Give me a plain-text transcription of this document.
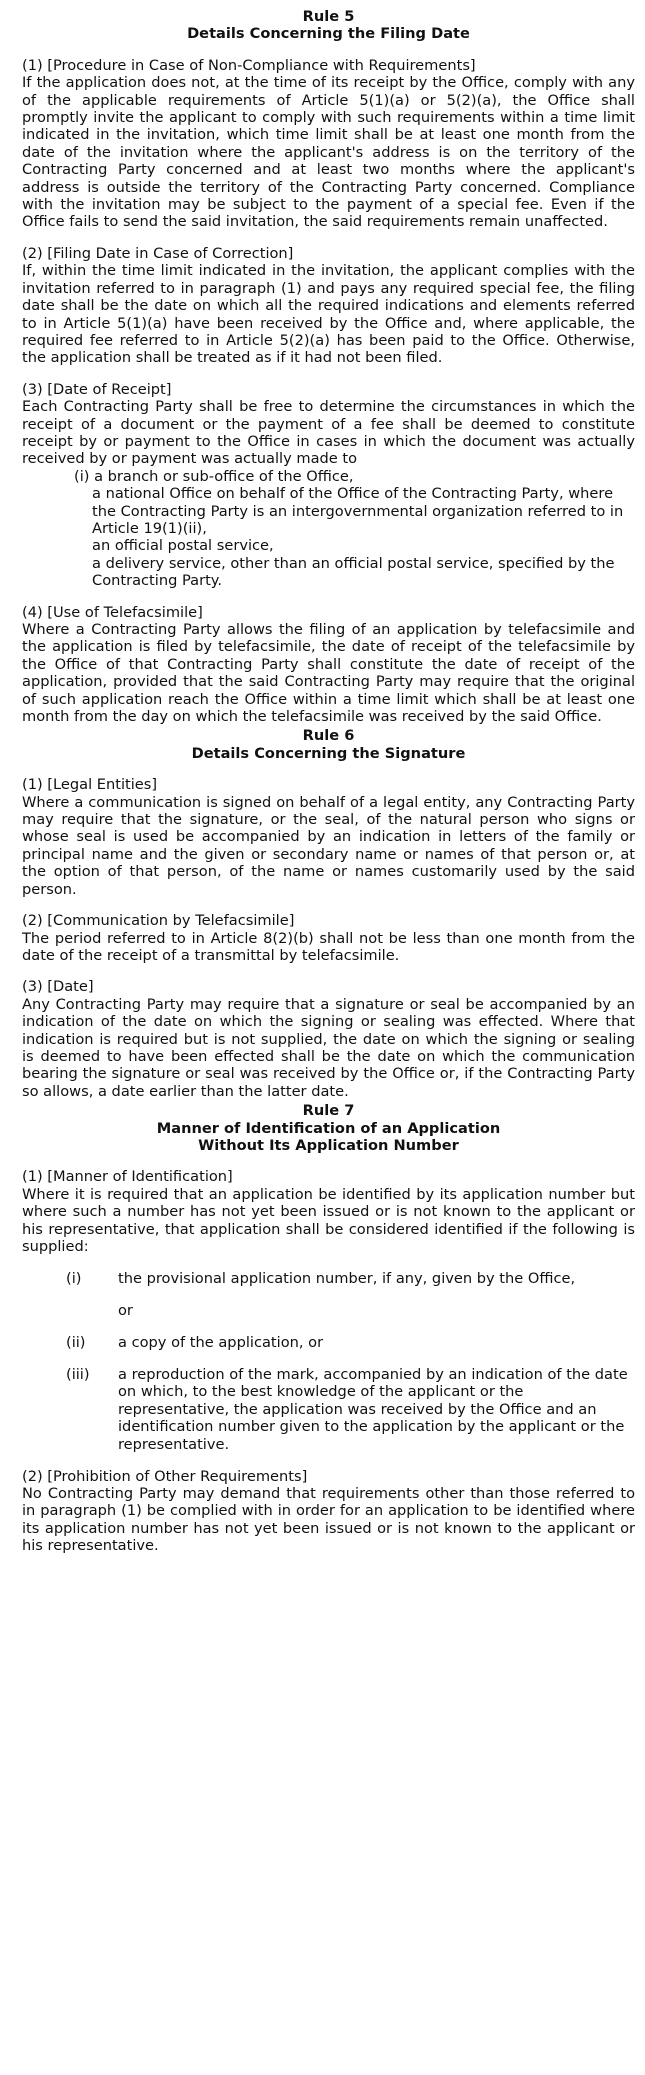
Rule 5

Details Concerning the Filing Date

(1) [Procedure in Case of Non-Compliance with Requirements]

If the application does not, at the time of its receipt by the Office, comply with any of the applicable requirements of Article 5(1)(a) or 5(2)(a), the Office shall promptly invite the applicant to comply with such requirements within a time limit indicated in the invitation, which time limit shall be at least one month from the date of the invitation where the applicant's address is on the territory of the Contracting Party concerned and at least two months where the applicant's address is outside the territory of the Contracting Party concerned. Compliance with the invitation may be subject to the payment of a special fee. Even if the Office fails to send the said invitation, the said requirements remain unaffected.

(2) [Filing Date in Case of Correction]

If, within the time limit indicated in the invitation, the applicant complies with the invitation referred to in paragraph (1) and pays any required special fee, the filing date shall be the date on which all the required indications and elements referred to in Article 5(1)(a) have been received by the Office and, where applicable, the required fee referred to in Article 5(2)(a) has been paid to the Office. Otherwise, the application shall be treated as if it had not been filed.

(3) [Date of Receipt]

Each Contracting Party shall be free to determine the circumstances in which the receipt of a document or the payment of a fee shall be deemed to constitute receipt by or payment to the Office in cases in which the document was actually received by or payment was actually made to

(i) a branch or sub-office of the Office,

a national Office on behalf of the Office of the Contracting Party, where the Contracting Party is an intergovernmental organization referred to in Article 19(1)(ii),

an official postal service,

a delivery service, other than an official postal service, specified by the Contracting Party.

(4) [Use of Telefacsimile]

Where a Contracting Party allows the filing of an application by telefacsimile and the application is filed by telefacsimile, the date of receipt of the telefacsimile by the Office of that Contracting Party shall constitute the date of receipt of the application, provided that the said Contracting Party may require that the original of such application reach the Office within a time limit which shall be at least one month from the day on which the telefacsimile was received by the said Office.

Rule 6

Details Concerning the Signature

(1) [Legal Entities]

Where a communication is signed on behalf of a legal entity, any Contracting Party may require that the signature, or the seal, of the natural person who signs or whose seal is used be accompanied by an indication in letters of the family or principal name and the given or secondary name or names of that person or, at the option of that person, of the name or names customarily used by the said person.

(2) [Communication by Telefacsimile]

The period referred to in Article 8(2)(b) shall not be less than one month from the date of the receipt of a transmittal by telefacsimile.

(3) [Date]

Any Contracting Party may require that a signature or seal be accompanied by an indication of the date on which the signing or sealing was effected. Where that indication is required but is not supplied, the date on which the signing or sealing is deemed to have been effected shall be the date on which the communication bearing the signature or seal was received by the Office or, if the Contracting Party so allows, a date earlier than the latter date.

Rule 7

Manner of Identification of an Application

Without Its Application Number

(1) [Manner of Identification]

Where it is required that an application be identified by its application number but where such a number has not yet been issued or is not known to the applicant or his representative, that application shall be considered identified if the following is supplied:

(i)	the provisional application number, if any, given by the Office,

or

(ii) a copy of the application, or

(iii) a reproduction of the mark, accompanied by an indication of the date on which, to the best knowledge of the applicant or the representative, the application was received by the Office and an identification number given to the application by the applicant or the representative.

(2) [Prohibition of Other Requirements]

No Contracting Party may demand that requirements other than those referred to in paragraph (1) be complied with in order for an application to be identified where its application number has not yet been issued or is not known to the applicant or his representative.
